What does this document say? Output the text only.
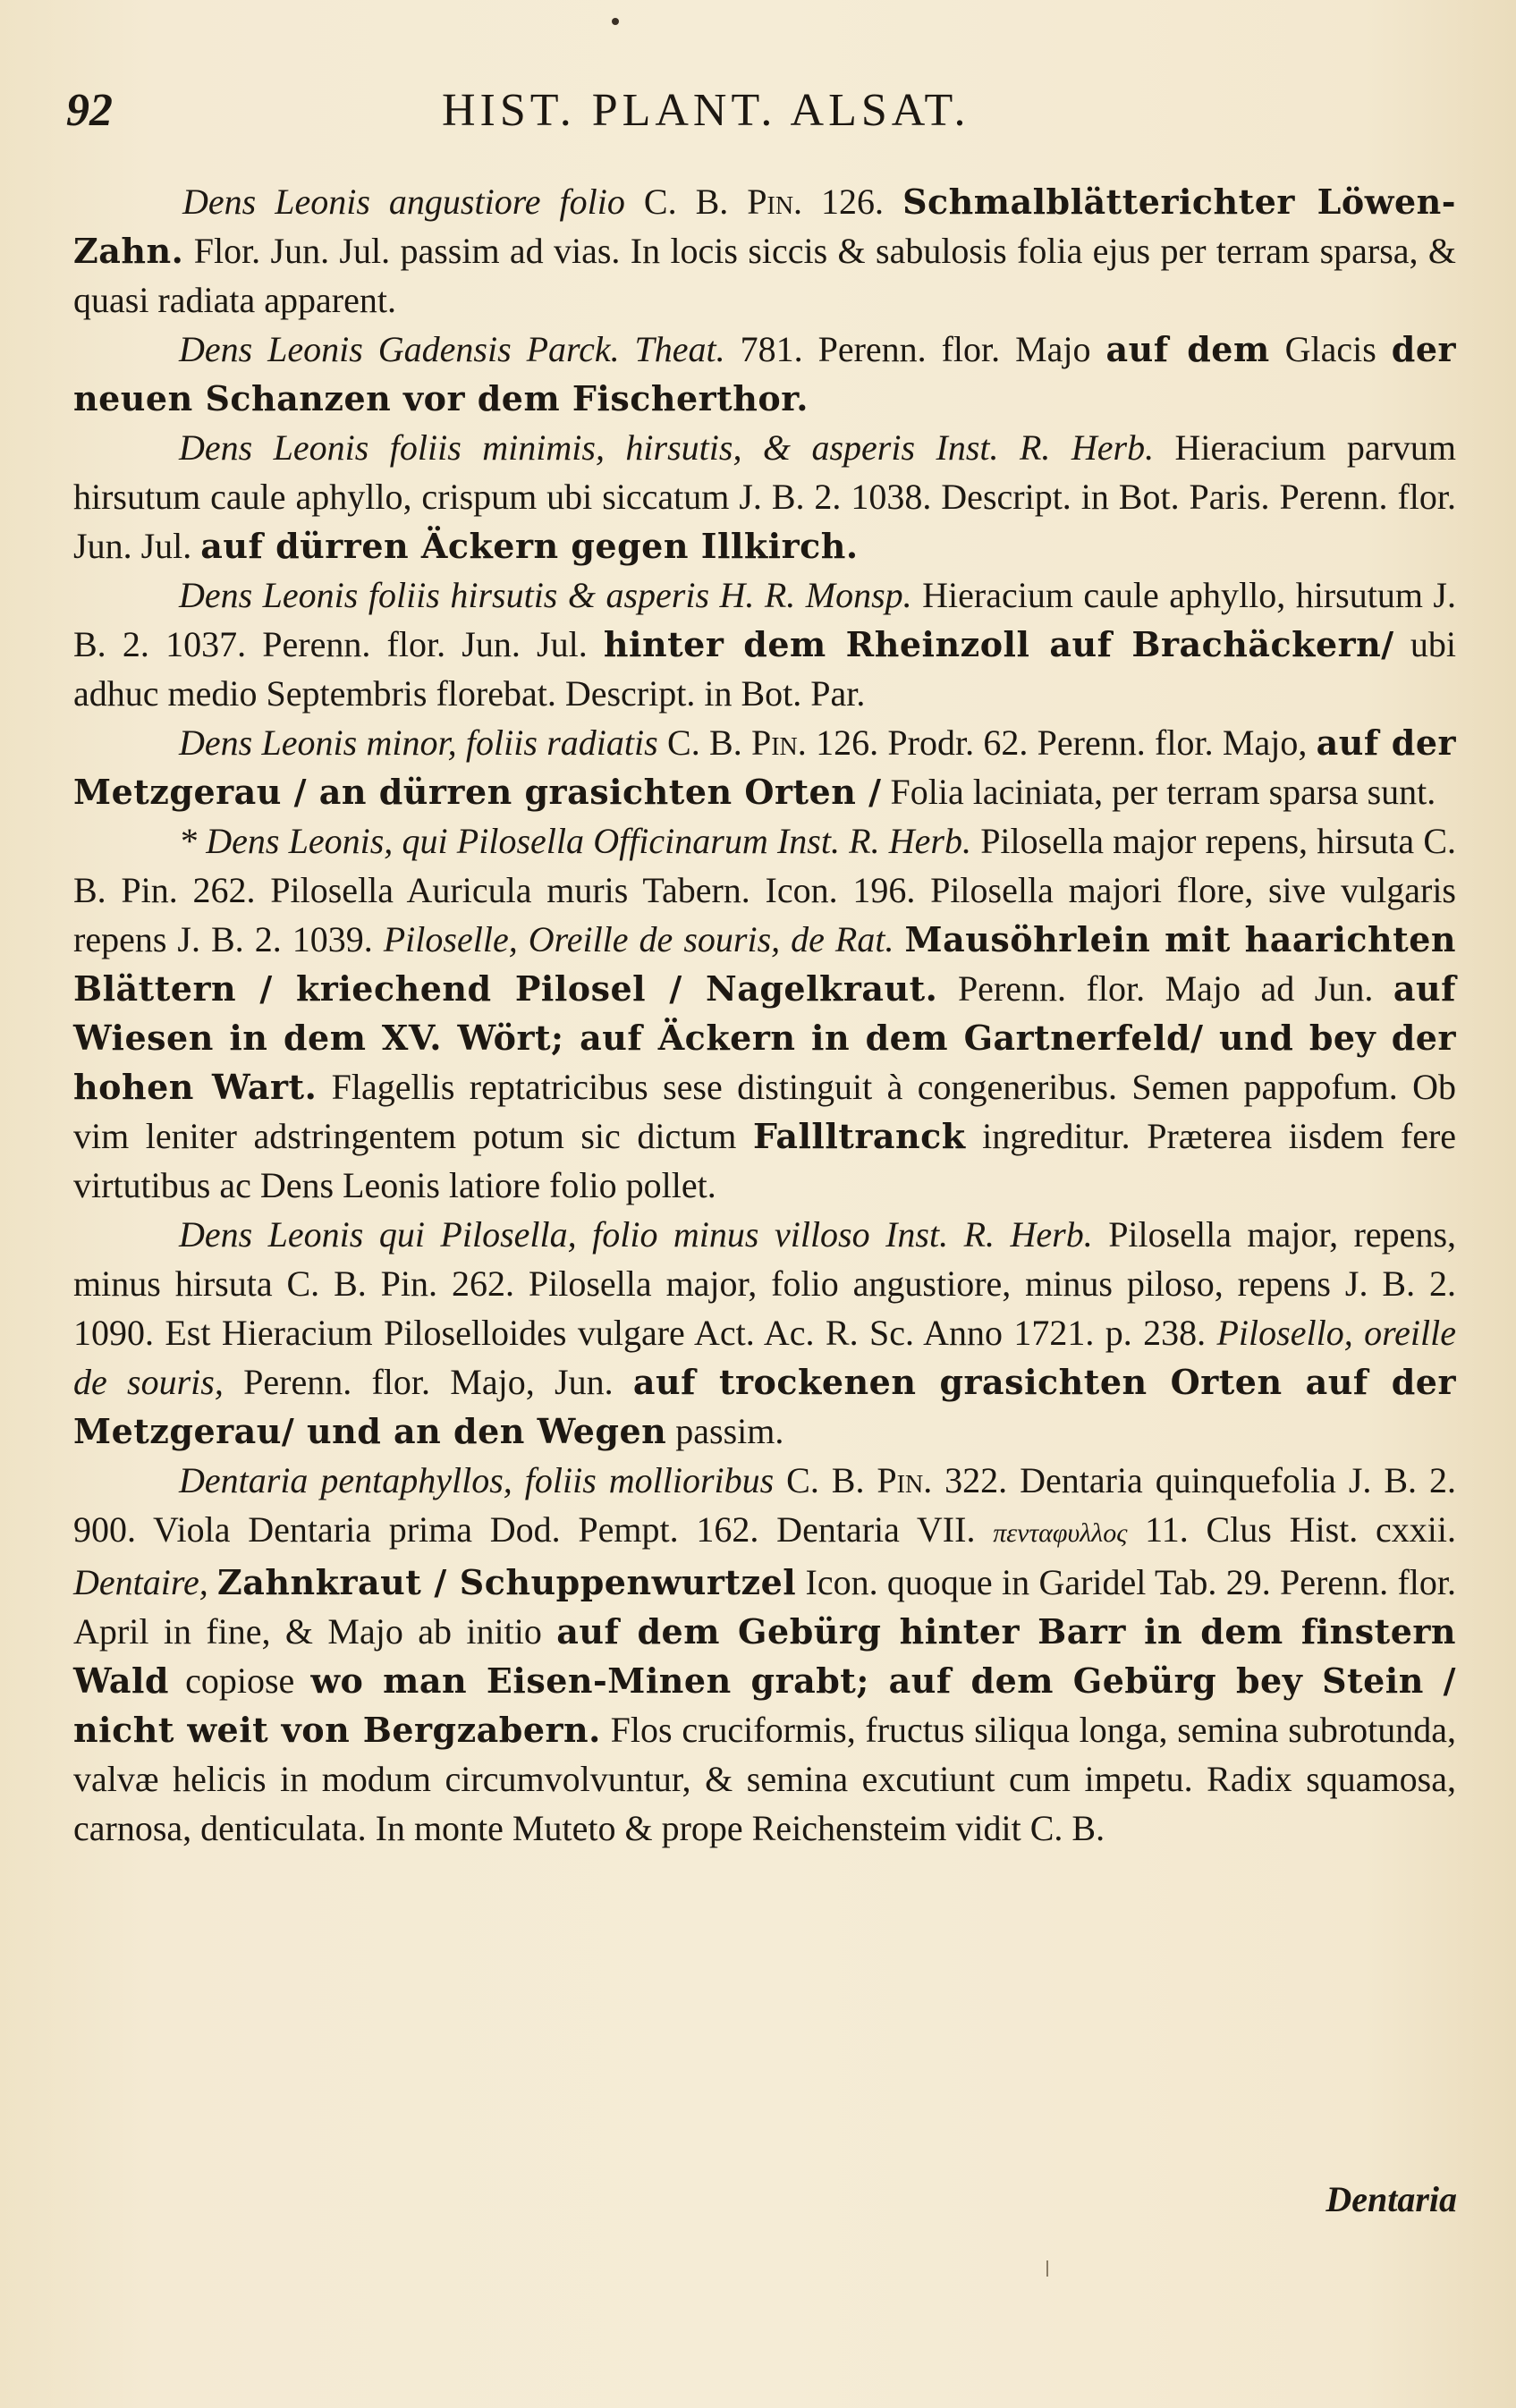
92	HIST. PLANT. ALSAT.

Dens Leonis angustiore folio C. B. Pin. 126. Schmalblätterichter Löwen-Zahn. Flor. Jun. Jul. passim ad vias. In locis siccis & sabulosis folia ejus per terram sparsa, & quasi radiata apparent.

Dens Leonis Gadensis Parck. Theat. 781. Perenn. flor. Majo auf dem Glacis der neuen Schanzen vor dem Fischerthor.

Dens Leonis foliis minimis, hirsutis, & asperis Inst. R. Herb. Hieracium parvum hirsutum caule aphyllo, crispum ubi siccatum J. B. 2. 1038. Descript. in Bot. Paris. Perenn. flor. Jun. Jul. auf dürren Äckern gegen Illkirch.

Dens Leonis foliis hirsutis & asperis H. R. Monsp. Hieracium caule aphyllo, hirsutum J. B. 2. 1037. Perenn. flor. Jun. Jul. hinter dem Rheinzoll auf Brachäckern/ ubi adhuc medio Septembris florebat. Descript. in Bot. Par.

Dens Leonis minor, foliis radiatis C. B. Pin. 126. Prodr. 62. Perenn. flor. Majo, auf der Metzgerau / an dürren grasichten Orten / Folia laciniata, per terram sparsa sunt.

* Dens Leonis, qui Pilosella Officinarum Inst. R. Herb. Pilosella major repens, hirsuta C. B. Pin. 262. Pilosella Auricula muris Tabern. Icon. 196. Pilosella majori flore, sive vulgaris repens J. B. 2. 1039. Piloselle, Oreille de souris, de Rat. Mausöhrlein mit haarichten Blättern / kriechend Pilosel / Nagelkraut. Perenn. flor. Majo ad Jun. auf Wiesen in dem XV. Wört; auf Äckern in dem Gartnerfeld/ und bey der hohen Wart. Flagellis reptatricibus sese distinguit à congeneribus. Semen pappofum. Ob vim leniter adstringentem potum sic dictum Fallltranck ingreditur. Præterea iisdem fere virtutibus ac Dens Leonis latiore folio pollet.

Dens Leonis qui Pilosella, folio minus villoso Inst. R. Herb. Pilosella major, repens, minus hirsuta C. B. Pin. 262. Pilosella major, folio angustiore, minus piloso, repens J. B. 2. 1090. Est Hieracium Piloselloides vulgare Act. Ac. R. Sc. Anno 1721. p. 238. Pilosello, oreille de souris, Perenn. flor. Majo, Jun. auf trockenen grasichten Orten auf der Metzgerau/ und an den Wegen passim.

Dentaria pentaphyllos, foliis mollioribus C. B. Pin. 322. Dentaria quinquefolia J. B. 2. 900. Viola Dentaria prima Dod. Pempt. 162. Dentaria VII. πενταφυλλος 11. Clus Hist. cxxii. Dentaire, Zahnkraut / Schuppenwurtzel Icon. quoque in Garidel Tab. 29. Perenn. flor. April in fine, & Majo ab initio auf dem Gebürg hinter Barr in dem finstern Wald copiose wo man Eisen-Minen grabt; auf dem Gebürg bey Stein / nicht weit von Bergzabern. Flos cruciformis, fructus siliqua longa, semina subrotunda, valvæ helicis in modum circumvolvuntur, & semina excutiunt cum impetu. Radix squamosa, carnosa, denticulata. In monte Muteto & prope Reichensteim vidit C. B.

Dentaria
